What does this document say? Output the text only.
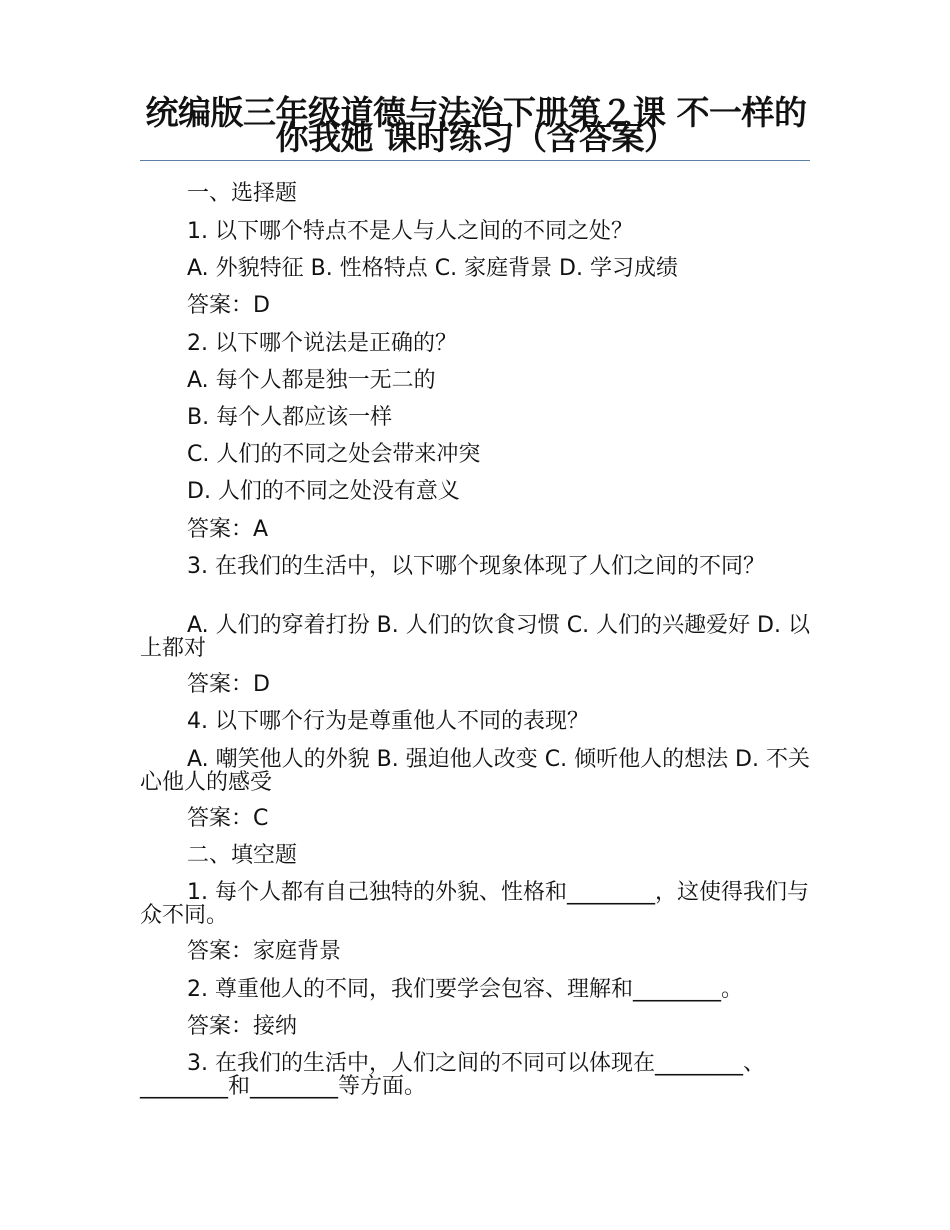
统编版三年级道德与法治下册第２课 不一样的你我她 课时练习（含答案）

一、选择题

1. 以下哪个特点不是人与人之间的不同之处？

A. 外貌特征 B. 性格特点 C. 家庭背景 D. 学习成绩

答案：D

2. 以下哪个说法是正确的？

A. 每个人都是独一无二的

B. 每个人都应该一样

C. 人们的不同之处会带来冲突

D. 人们的不同之处没有意义

答案：A

3. 在我们的生活中，以下哪个现象体现了人们之间的不同？

A. 人们的穿着打扮 B. 人们的饮食习惯 C. 人们的兴趣爱好 D. 以上都对

答案：D

4. 以下哪个行为是尊重他人不同的表现？

A. 嘲笑他人的外貌 B. 强迫他人改变 C. 倾听他人的想法 D. 不关心他人的感受

答案：C

二、填空题

1. 每个人都有自己独特的外貌、性格和________，这使得我们与众不同。

答案：家庭背景

2. 尊重他人的不同，我们要学会包容、理解和________。

答案：接纳

3. 在我们的生活中，人们之间的不同可以体现在________、________和________等方面。
